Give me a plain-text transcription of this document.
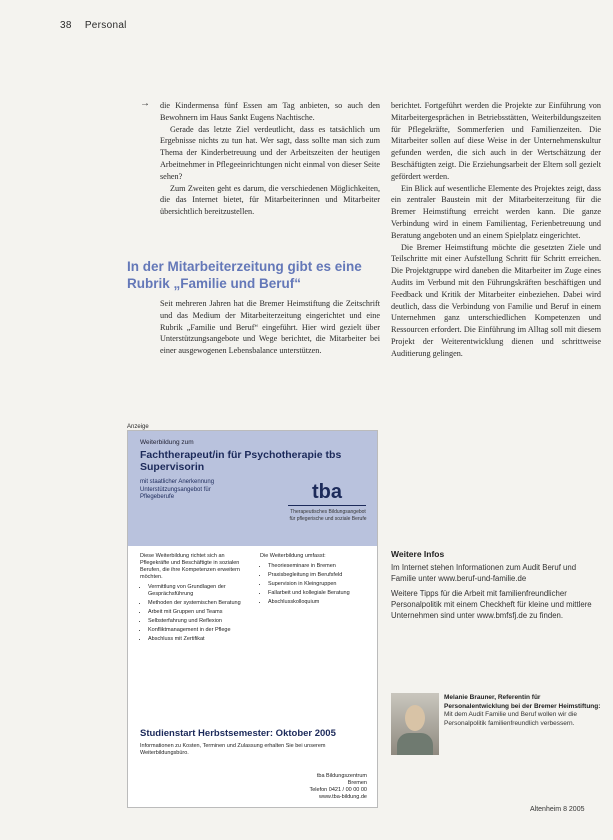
38 Personal
→ die Kindermensa fünf Essen am Tag anbieten, so auch den Bewohnern im Haus Sankt Eugens Nachtische.

Gerade das letzte Ziel verdeutlicht, dass es tatsächlich um Ergebnisse nichts zu tun hat. Wer sagt, dass sollte man sich zum Thema der Kinderbetreuung und der Arbeitszeiten der heutigen Arbeitnehmer in Pflegeeinrichtungen nicht einmal von dieser Seite sehen?

Zum Zweiten geht es darum, die verschiedenen Möglichkeiten, die das Internet bietet, für Mitarbeiterinnen und Mitarbeiter übersichtlich bereitzustellen.

In der Mitarbeiterzeitung gibt es eine Rubrik „Familie und Beruf“

Seit mehreren Jahren hat die Bremer Heimstiftung die Zeitschrift und das Medium der Mitarbeiterzeitung eingerichtet und eine Rubrik „Familie und Beruf“ eingeführt. Hier wird gezielt über Unterstützungsangebote und Wege berichtet, die Mitarbeiter bei einer ausgewogenen Lebensbalance unterstützen.

berichtet. Fortgeführt werden die Projekte zur Einführung von Mitarbeitergesprächen in Betriebsstätten, Weiterbildungszeiten für Pflegekräfte, Sommerferien und Familienzeiten. Die Mitarbeiter sollen auf diese Weise in der Unternehmenskultur gefunden werden, die sich auch in der Wertschätzung der Beschäftigten zeigt. Die Erziehungsarbeit der Eltern soll gezielt gefördert werden.

Ein Blick auf wesentliche Elemente des Projektes zeigt, dass ein zentraler Baustein mit der Mitarbeiterzeitung für die Bremer Heimstiftung erreicht werden kann. Die ganze Verbindung wird in einem Familientag, Ferienbetreuung und Beratung angeboten und an einem Spielplatz eingerichtet.

Die Bremer Heimstiftung möchte die gesetzten Ziele und Teilschritte mit einer Aufstellung Schritt für Schritt erreichen. Die Projektgruppe wird daneben die Mitarbeiter im Zuge eines Audits im Verbund mit den Führungskräften beschäftigen und Feedback und Kritik der Mitarbeiter einbeziehen. Dabei wird deutlich, dass die Verbindung von Familie und Beruf in einem Unternehmen ganz unterschiedlichen Kompetenzen und Ressourcen erfordert. Die Einführung im Alltag soll mit diesem Projekt der Weiterentwicklung dienen und schrittweise Auditierung gelingen.

Anzeige
Weiterbildung zum
Fachtherapeut/in für Psychotherapie tbs Supervisorin
mit staatlicher Anerkennung
Unterstützungsangebot für
Pflegeberufe	tba
Therapeutisches Bildungsangebot
für pflegerische und soziale Berufe
Diese Weiterbildung richtet sich an Pflegekräfte und Beschäftigte in sozialen Berufen, die ihre Kompetenzen erweitern möchten.
• Vermittlung von Grundlagen der Gesprächsführung
• Methoden der systemischen Beratung
• Arbeit mit Gruppen und Teams
• Selbsterfahrung und Reflexion
• Konfliktmanagement in der Pflege
• Abschluss mit Zertifikat
Die Weiterbildung umfasst:
• Theorieseminare in Bremen
• Praxisbegleitung im Berufsfeld
• Supervision in Kleingruppen
• Fallarbeit und kollegiale Beratung
• Abschlusskolloquium
Studienstart Herbstsemester: Oktober 2005
Informationen zu Kosten, Terminen und Zulassung erhalten Sie bei unserem Weiterbildungsbüro.
tba Bildungszentrum
Bremen
Telefon 0421 / 00 00 00
www.tba-bildung.de
Weitere Infos

Im Internet stehen Informationen zum Audit Beruf und Familie unter www.beruf-und-familie.de

Weitere Tipps für die Arbeit mit familienfreundlicher Personalpolitik mit einem Checkheft für kleine und mittlere Unternehmen sind unter www.bmfsfj.de zu finden.

Melanie Brauner, Referentin für Personalentwicklung bei der Bremer Heimstiftung: Mit dem Audit Familie und Beruf wollen wir die Personalpolitik familienfreundlich verbessern.
Altenheim 8 2005
